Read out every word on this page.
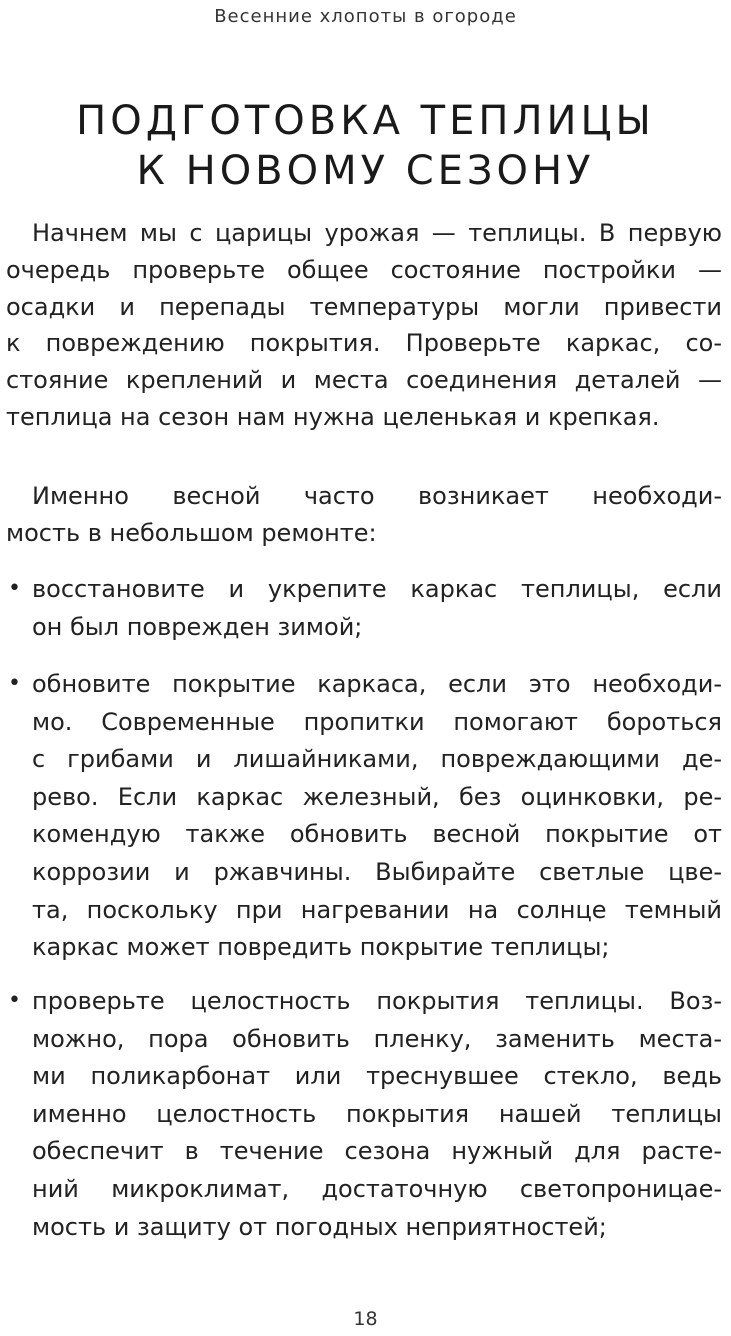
Весенние хлопоты в огороде
ПОДГОТОВКА ТЕПЛИЦЫ
К НОВОМУ СЕЗОНУ
Начнем мы с царицы урожая — теплицы. В первую
очередь проверьте общее состояние постройки —
осадки и перепады температуры могли привести
к повреждению покрытия. Проверьте каркас, со-
стояние креплений и места соединения деталей —
теплица на сезон нам нужна целенькая и крепкая.
Именно весной часто возникает необходи-
мость в небольшом ремонте:
• восстановите и укрепите каркас теплицы, если
он был поврежден зимой;
• обновите покрытие каркаса, если это необходи-
мо. Современные пропитки помогают бороться
с грибами и лишайниками, повреждающими де-
рево. Если каркас железный, без оцинковки, ре-
комендую также обновить весной покрытие от
коррозии и ржавчины. Выбирайте светлые цве-
та, поскольку при нагревании на солнце темный
каркас может повредить покрытие теплицы;
• проверьте целостность покрытия теплицы. Воз-
можно, пора обновить пленку, заменить места-
ми поликарбонат или треснувшее стекло, ведь
именно целостность покрытия нашей теплицы
обеспечит в течение сезона нужный для расте-
ний микроклимат, достаточную светопроницае-
мость и защиту от погодных неприятностей;
18
